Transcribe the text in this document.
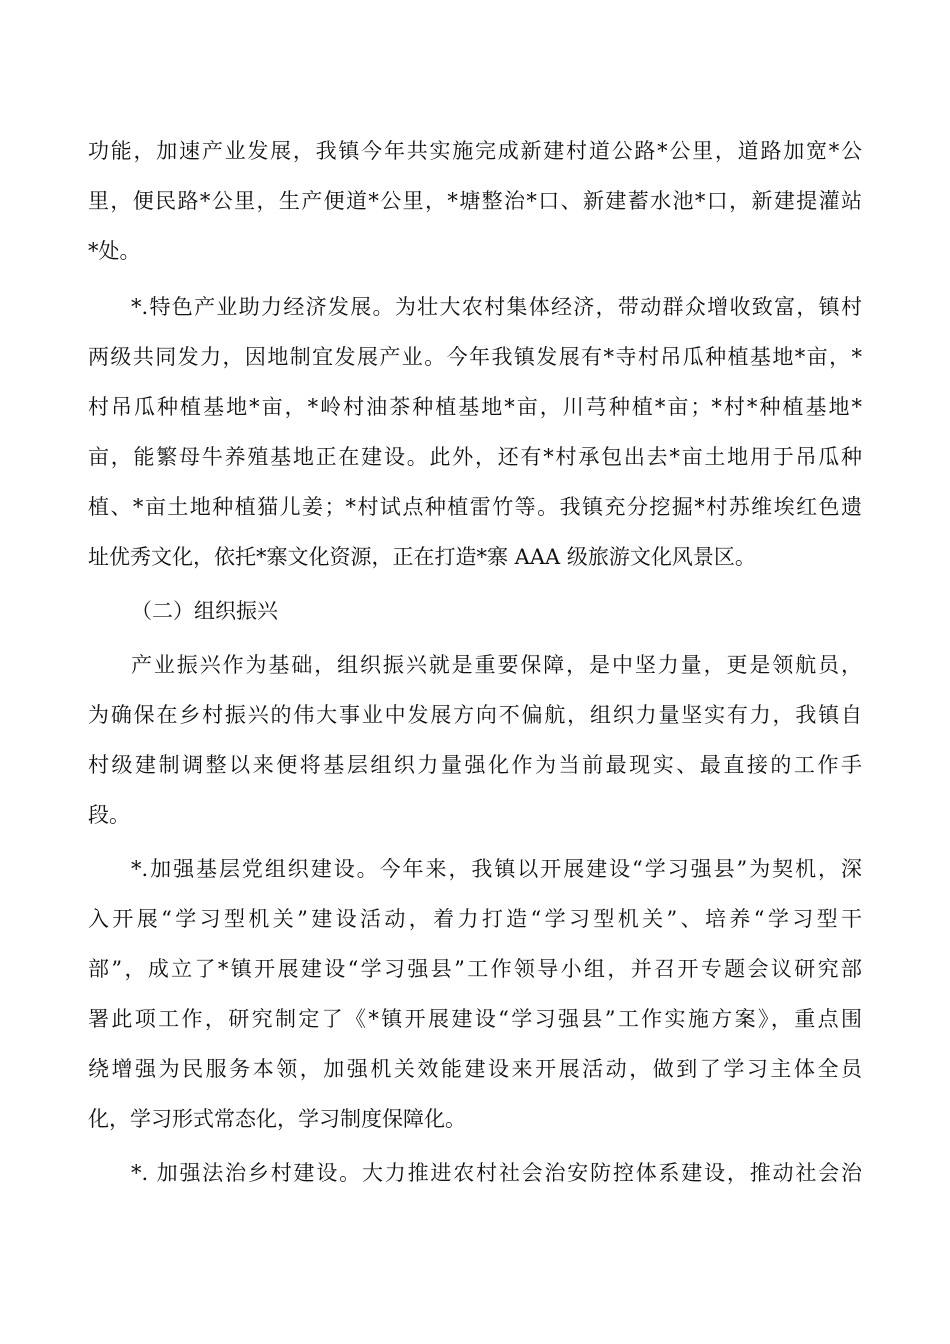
功能，加速产业发展，我镇今年共实施完成新建村道公路*公里，道路加宽*公
里，便民路*公里，生产便道*公里，*塘整治*口、新建蓄水池*口，新建提灌站
*处。
*.特色产业助力经济发展。为壮大农村集体经济，带动群众增收致富，镇村
两级共同发力，因地制宜发展产业。今年我镇发展有*寺村吊瓜种植基地*亩，*
村吊瓜种植基地*亩，*岭村油茶种植基地*亩，川芎种植*亩；*村*种植基地*
亩，能繁母牛养殖基地正在建设。此外，还有*村承包出去*亩土地用于吊瓜种
植、*亩土地种植猫儿姜；*村试点种植雷竹等。我镇充分挖掘*村苏维埃红色遗
址优秀文化，依托*寨文化资源，正在打造*寨 AAA 级旅游文化风景区。
（二）组织振兴
产业振兴作为基础，组织振兴就是重要保障，是中坚力量，更是领航员，
为确保在乡村振兴的伟大事业中发展方向不偏航，组织力量坚实有力，我镇自
村级建制调整以来便将基层组织力量强化作为当前最现实、最直接的工作手
段。
*.加强基层党组织建设。今年来，我镇以开展建设“学习强县”为契机，深
入开展“学习型机关”建设活动，着力打造“学习型机关”、培养“学习型干
部”，成立了*镇开展建设“学习强县”工作领导小组，并召开专题会议研究部
署此项工作，研究制定了《*镇开展建设“学习强县”工作实施方案》，重点围
绕增强为民服务本领，加强机关效能建设来开展活动，做到了学习主体全员
化，学习形式常态化，学习制度保障化。
*. 加强法治乡村建设。大力推进农村社会治安防控体系建设，推动社会治
